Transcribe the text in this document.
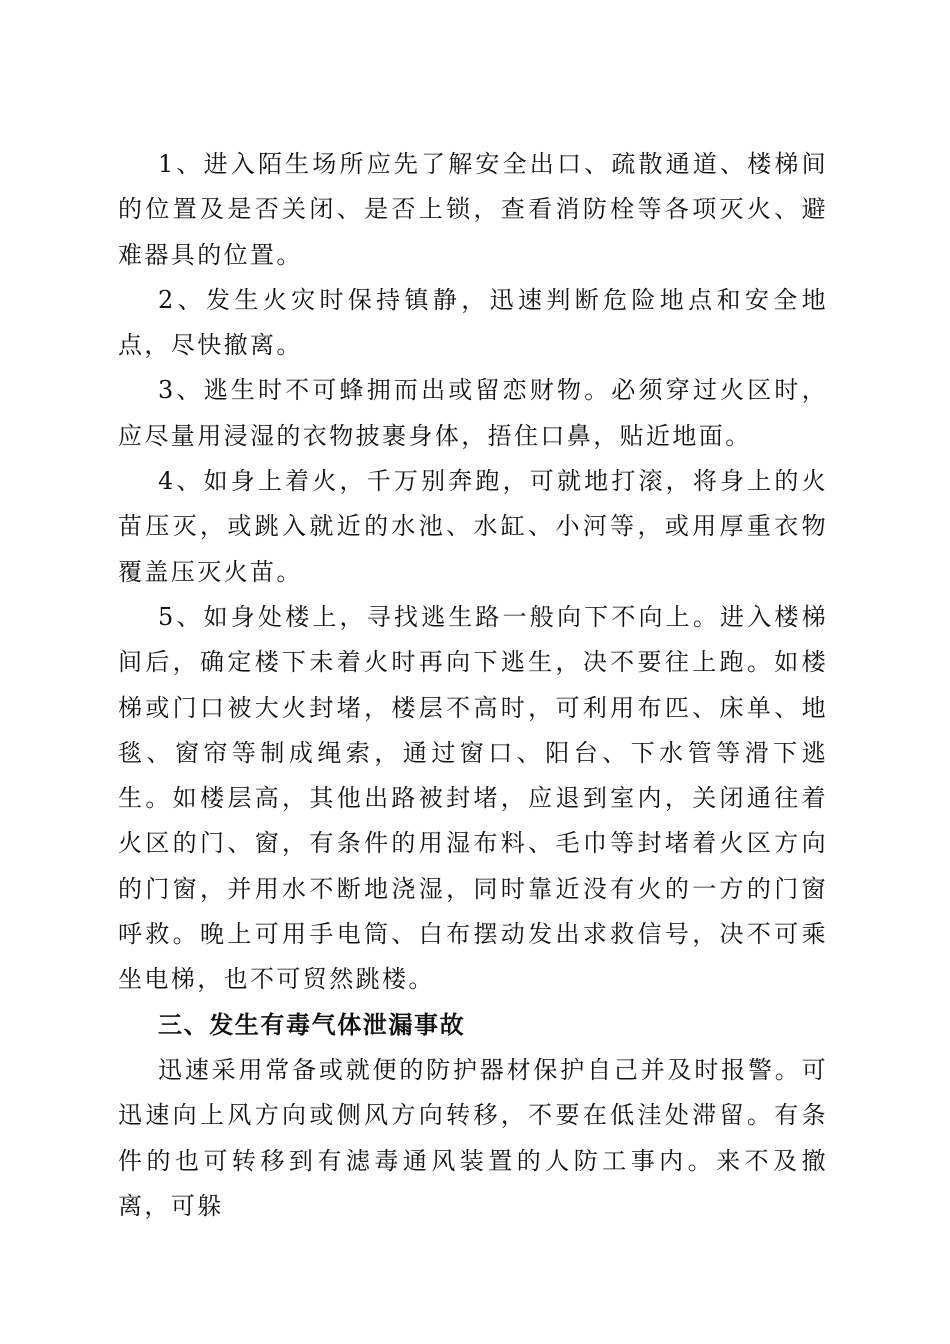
1、进入陌生场所应先了解安全出口、疏散通道、楼梯间的位置及是否关闭、是否上锁，查看消防栓等各项灭火、避难器具的位置。

2、发生火灾时保持镇静，迅速判断危险地点和安全地点，尽快撤离。

3、逃生时不可蜂拥而出或留恋财物。必须穿过火区时，应尽量用浸湿的衣物披裹身体，捂住口鼻，贴近地面。

4、如身上着火，千万别奔跑，可就地打滚，将身上的火苗压灭，或跳入就近的水池、水缸、小河等，或用厚重衣物覆盖压灭火苗。

5、如身处楼上，寻找逃生路一般向下不向上。进入楼梯间后，确定楼下未着火时再向下逃生，决不要往上跑。如楼梯或门口被大火封堵，楼层不高时，可利用布匹、床单、地毯、窗帘等制成绳索，通过窗口、阳台、下水管等滑下逃生。如楼层高，其他出路被封堵，应退到室内，关闭通往着火区的门、窗，有条件的用湿布料、毛巾等封堵着火区方向的门窗，并用水不断地浇湿，同时靠近没有火的一方的门窗呼救。晚上可用手电筒、白布摆动发出求救信号，决不可乘坐电梯，也不可贸然跳楼。

三、发生有毒气体泄漏事故

迅速采用常备或就便的防护器材保护自己并及时报警。可迅速向上风方向或侧风方向转移，不要在低洼处滞留。有条件的也可转移到有滤毒通风装置的人防工事内。来不及撤离，可躲
